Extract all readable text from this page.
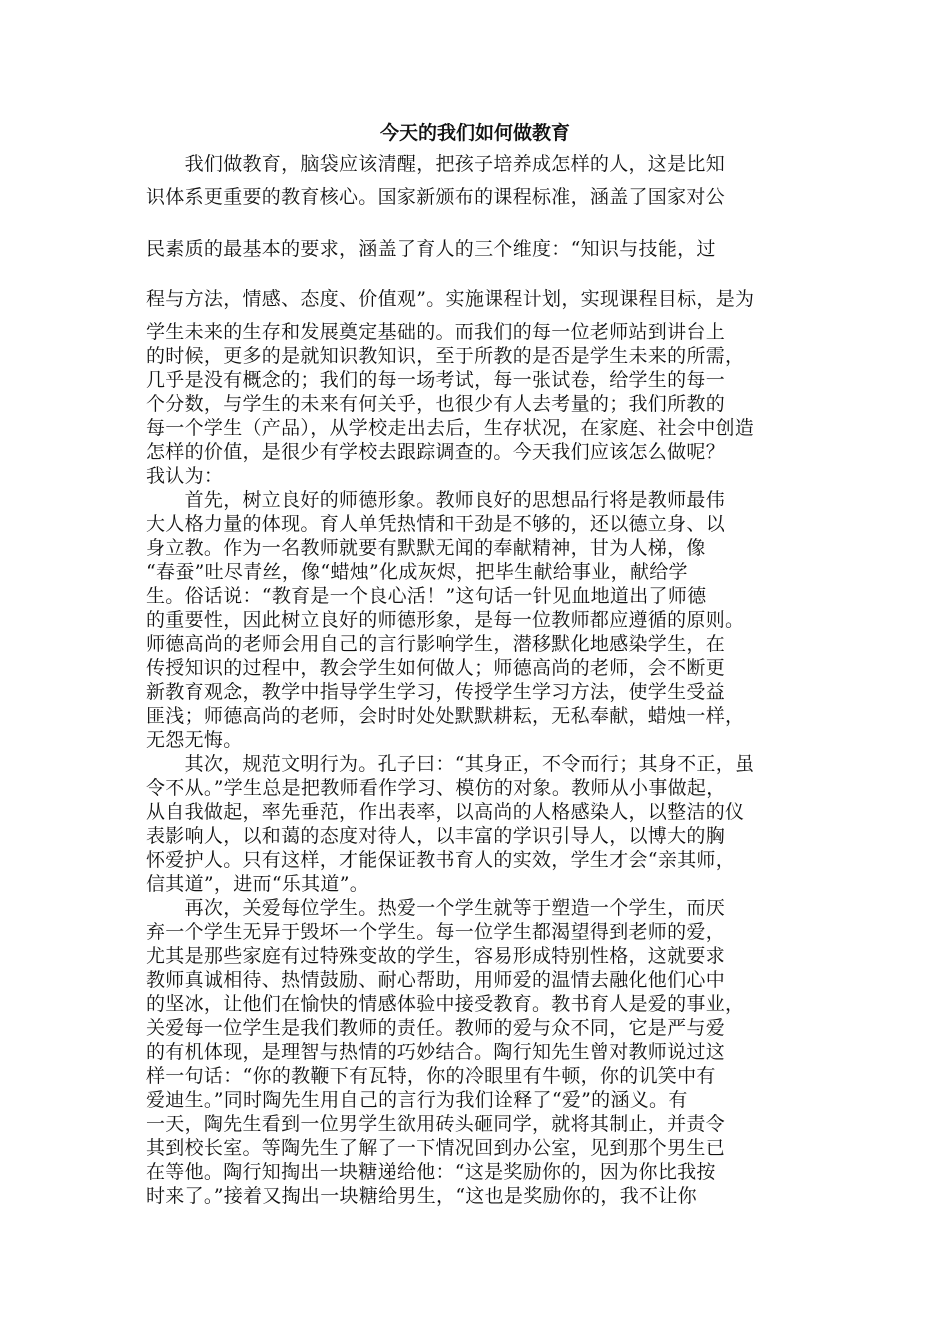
今天的我们如何做教育
　　我们做教育，脑袋应该清醒，把孩子培养成怎样的人，这是比知
识体系更重要的教育核心。国家新颁布的课程标准，涵盖了国家对公
民素质的最基本的要求，涵盖了育人的三个维度：“知识与技能，过
程与方法，情感、态度、价值观”。实施课程计划，实现课程目标，是为
学生未来的生存和发展奠定基础的。而我们的每一位老师站到讲台上
的时候，更多的是就知识教知识，至于所教的是否是学生未来的所需，
几乎是没有概念的；我们的每一场考试，每一张试卷，给学生的每一
个分数，与学生的未来有何关乎，也很少有人去考量的；我们所教的
每一个学生（产品），从学校走出去后，生存状况，在家庭、社会中创造
怎样的价值，是很少有学校去跟踪调查的。今天我们应该怎么做呢？
我认为：
　　首先，树立良好的师德形象。教师良好的思想品行将是教师最伟
大人格力量的体现。育人单凭热情和干劲是不够的，还以德立身、以
身立教。作为一名教师就要有默默无闻的奉献精神，甘为人梯，像
“春蚕”吐尽青丝，像“蜡烛”化成灰烬，把毕生献给事业，献给学
生。俗话说：“教育是一个良心活！”这句话一针见血地道出了师德
的重要性，因此树立良好的师德形象，是每一位教师都应遵循的原则。
师德高尚的老师会用自己的言行影响学生，潜移默化地感染学生，在
传授知识的过程中，教会学生如何做人；师德高尚的老师，会不断更
新教育观念，教学中指导学生学习，传授学生学习方法，使学生受益
匪浅；师德高尚的老师，会时时处处默默耕耘，无私奉献，蜡烛一样，
无怨无悔。
　　其次，规范文明行为。孔子曰：“其身正，不令而行；其身不正，虽
令不从。”学生总是把教师看作学习、模仿的对象。教师从小事做起，
从自我做起，率先垂范，作出表率，以高尚的人格感染人，以整洁的仪
表影响人，以和蔼的态度对待人，以丰富的学识引导人，以博大的胸
怀爱护人。只有这样，才能保证教书育人的实效，学生才会“亲其师，
信其道”，进而“乐其道”。
　　再次，关爱每位学生。热爱一个学生就等于塑造一个学生，而厌
弃一个学生无异于毁坏一个学生。每一位学生都渴望得到老师的爱，
尤其是那些家庭有过特殊变故的学生，容易形成特别性格，这就要求
教师真诚相待、热情鼓励、耐心帮助，用师爱的温情去融化他们心中
的坚冰，让他们在愉快的情感体验中接受教育。教书育人是爱的事业，
关爱每一位学生是我们教师的责任。教师的爱与众不同，它是严与爱
的有机体现，是理智与热情的巧妙结合。陶行知先生曾对教师说过这
样一句话：“你的教鞭下有瓦特，你的冷眼里有牛顿，你的讥笑中有
爱迪生。”同时陶先生用自己的言行为我们诠释了“爱”的涵义。有
一天，陶先生看到一位男学生欲用砖头砸同学，就将其制止，并责令
其到校长室。等陶先生了解了一下情况回到办公室，见到那个男生已
在等他。陶行知掏出一块糖递给他：“这是奖励你的，因为你比我按
时来了。”接着又掏出一块糖给男生，“这也是奖励你的，我不让你
